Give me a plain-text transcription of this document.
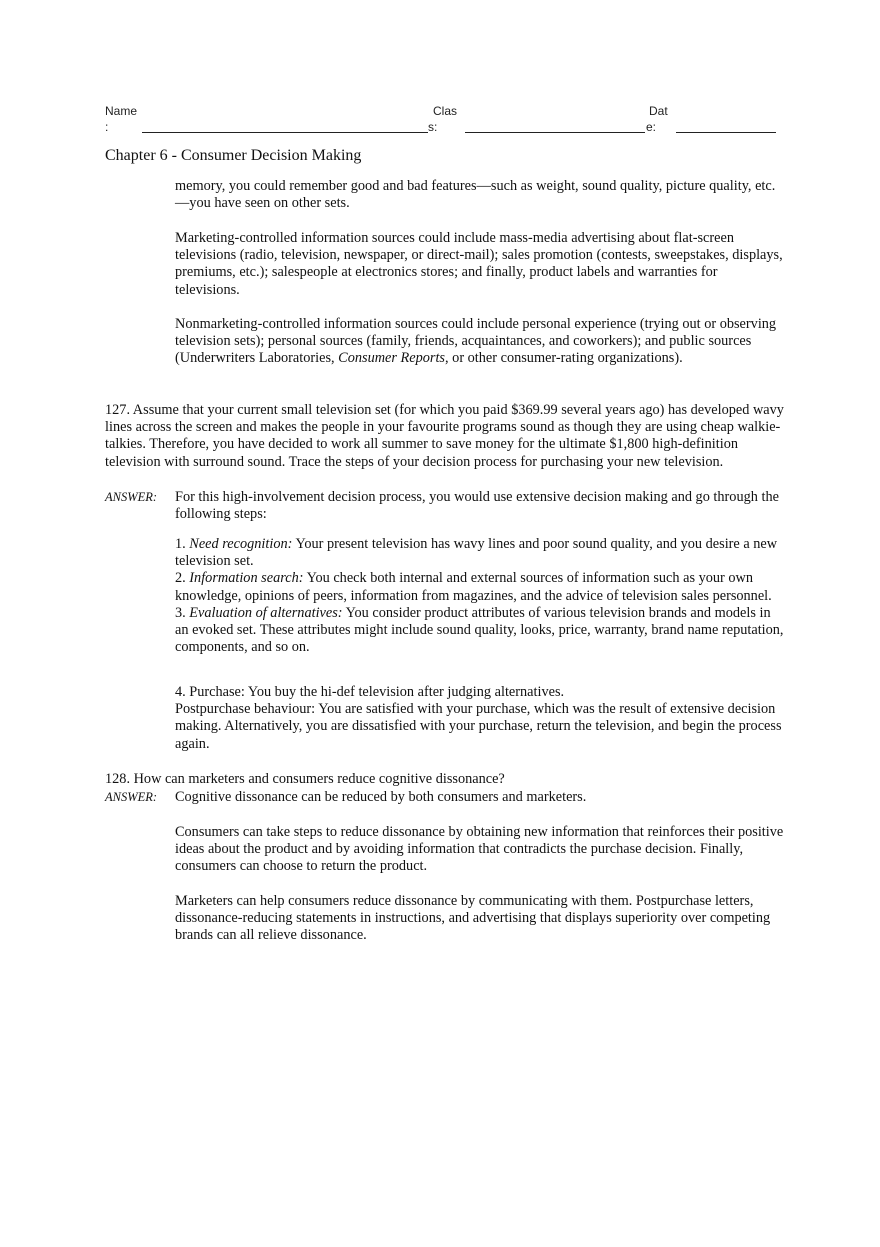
Name
:
Clas
s:
Dat
e:
Chapter 6 - Consumer Decision Making

memory, you could remember good and bad features—such as weight, sound quality, picture quality, etc.—you have seen on other sets.

Marketing-controlled information sources could include mass-media advertising about flat-screen televisions (radio, television, newspaper, or direct-mail); sales promotion (contests, sweepstakes, displays, premiums, etc.); salespeople at electronics stores; and finally, product labels and warranties for televisions.

Nonmarketing-controlled information sources could include personal experience (trying out or observing television sets); personal sources (family, friends, acquaintances, and coworkers); and public sources (Underwriters Laboratories, Consumer Reports, or other consumer-rating organizations).

127. Assume that your current small television set (for which you paid $369.99 several years ago) has developed wavy lines across the screen and makes the people in your favourite programs sound as though they are using cheap walkie-talkies. Therefore, you have decided to work all summer to save money for the ultimate $1,800 high-definition television with surround sound. Trace the steps of your decision process for purchasing your new television.

ANSWER: For this high-involvement decision process, you would use extensive decision making and go through the following steps:

1. Need recognition: Your present television has wavy lines and poor sound quality, and you desire a new television set.

2. Information search: You check both internal and external sources of information such as your own knowledge, opinions of peers, information from magazines, and the advice of television sales personnel.

3. Evaluation of alternatives: You consider product attributes of various television brands and models in an evoked set. These attributes might include sound quality, looks, price, warranty, brand name reputation, components, and so on.

4. Purchase: You buy the hi-def television after judging alternatives.

Postpurchase behaviour: You are satisfied with your purchase, which was the result of extensive decision making. Alternatively, you are dissatisfied with your purchase, return the television, and begin the process again.

128. How can marketers and consumers reduce cognitive dissonance?

ANSWER: Cognitive dissonance can be reduced by both consumers and marketers.

Consumers can take steps to reduce dissonance by obtaining new information that reinforces their positive ideas about the product and by avoiding information that contradicts the purchase decision. Finally, consumers can choose to return the product.

Marketers can help consumers reduce dissonance by communicating with them. Postpurchase letters, dissonance-reducing statements in instructions, and advertising that displays superiority over competing brands can all relieve dissonance.
